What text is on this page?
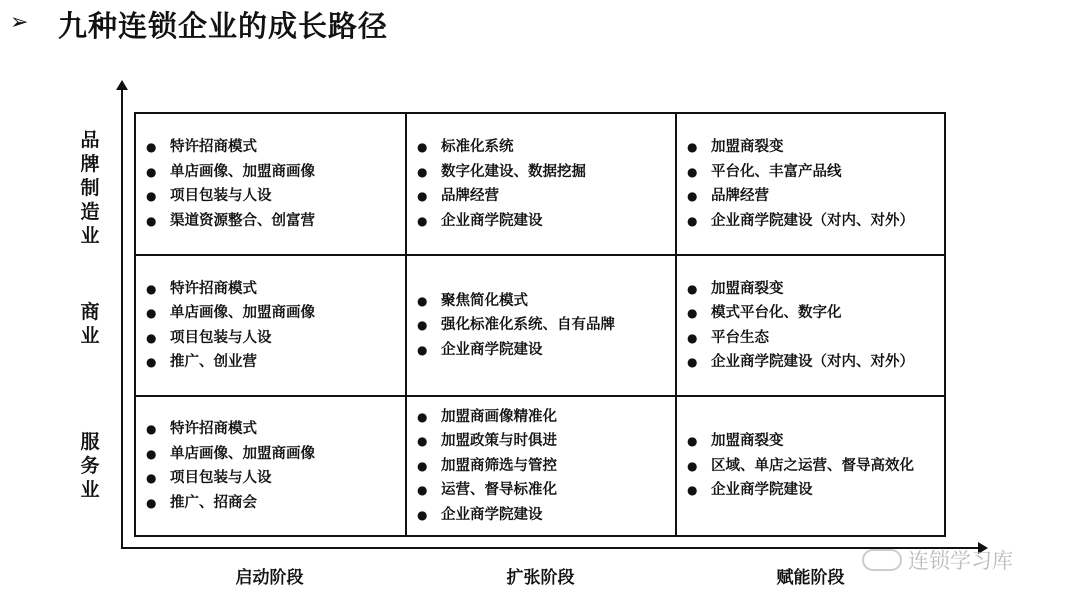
➢ 九种连锁企业的成长路径
品牌制造业
商业
服务业
● 特许招商模式
● 单店画像、加盟商画像
● 项目包装与人设
● 渠道资源整合、创富营
● 标准化系统
● 数字化建设、数据挖掘
● 品牌经营
● 企业商学院建设
● 加盟商裂变
● 平台化、丰富产品线
● 品牌经营
● 企业商学院建设（对内、对外）
● 特许招商模式
● 单店画像、加盟商画像
● 项目包装与人设
● 推广、创业营
● 聚焦简化模式
● 强化标准化系统、自有品牌
● 企业商学院建设
● 加盟商裂变
● 模式平台化、数字化
● 平台生态
● 企业商学院建设（对内、对外）
● 特许招商模式
● 单店画像、加盟商画像
● 项目包装与人设
● 推广、招商会
● 加盟商画像精准化
● 加盟政策与时俱进
● 加盟商筛选与管控
● 运营、督导标准化
● 企业商学院建设
● 加盟商裂变
● 区域、单店之运营、督导高效化
● 企业商学院建设
启动阶段	扩张阶段	赋能阶段
连锁学习库
